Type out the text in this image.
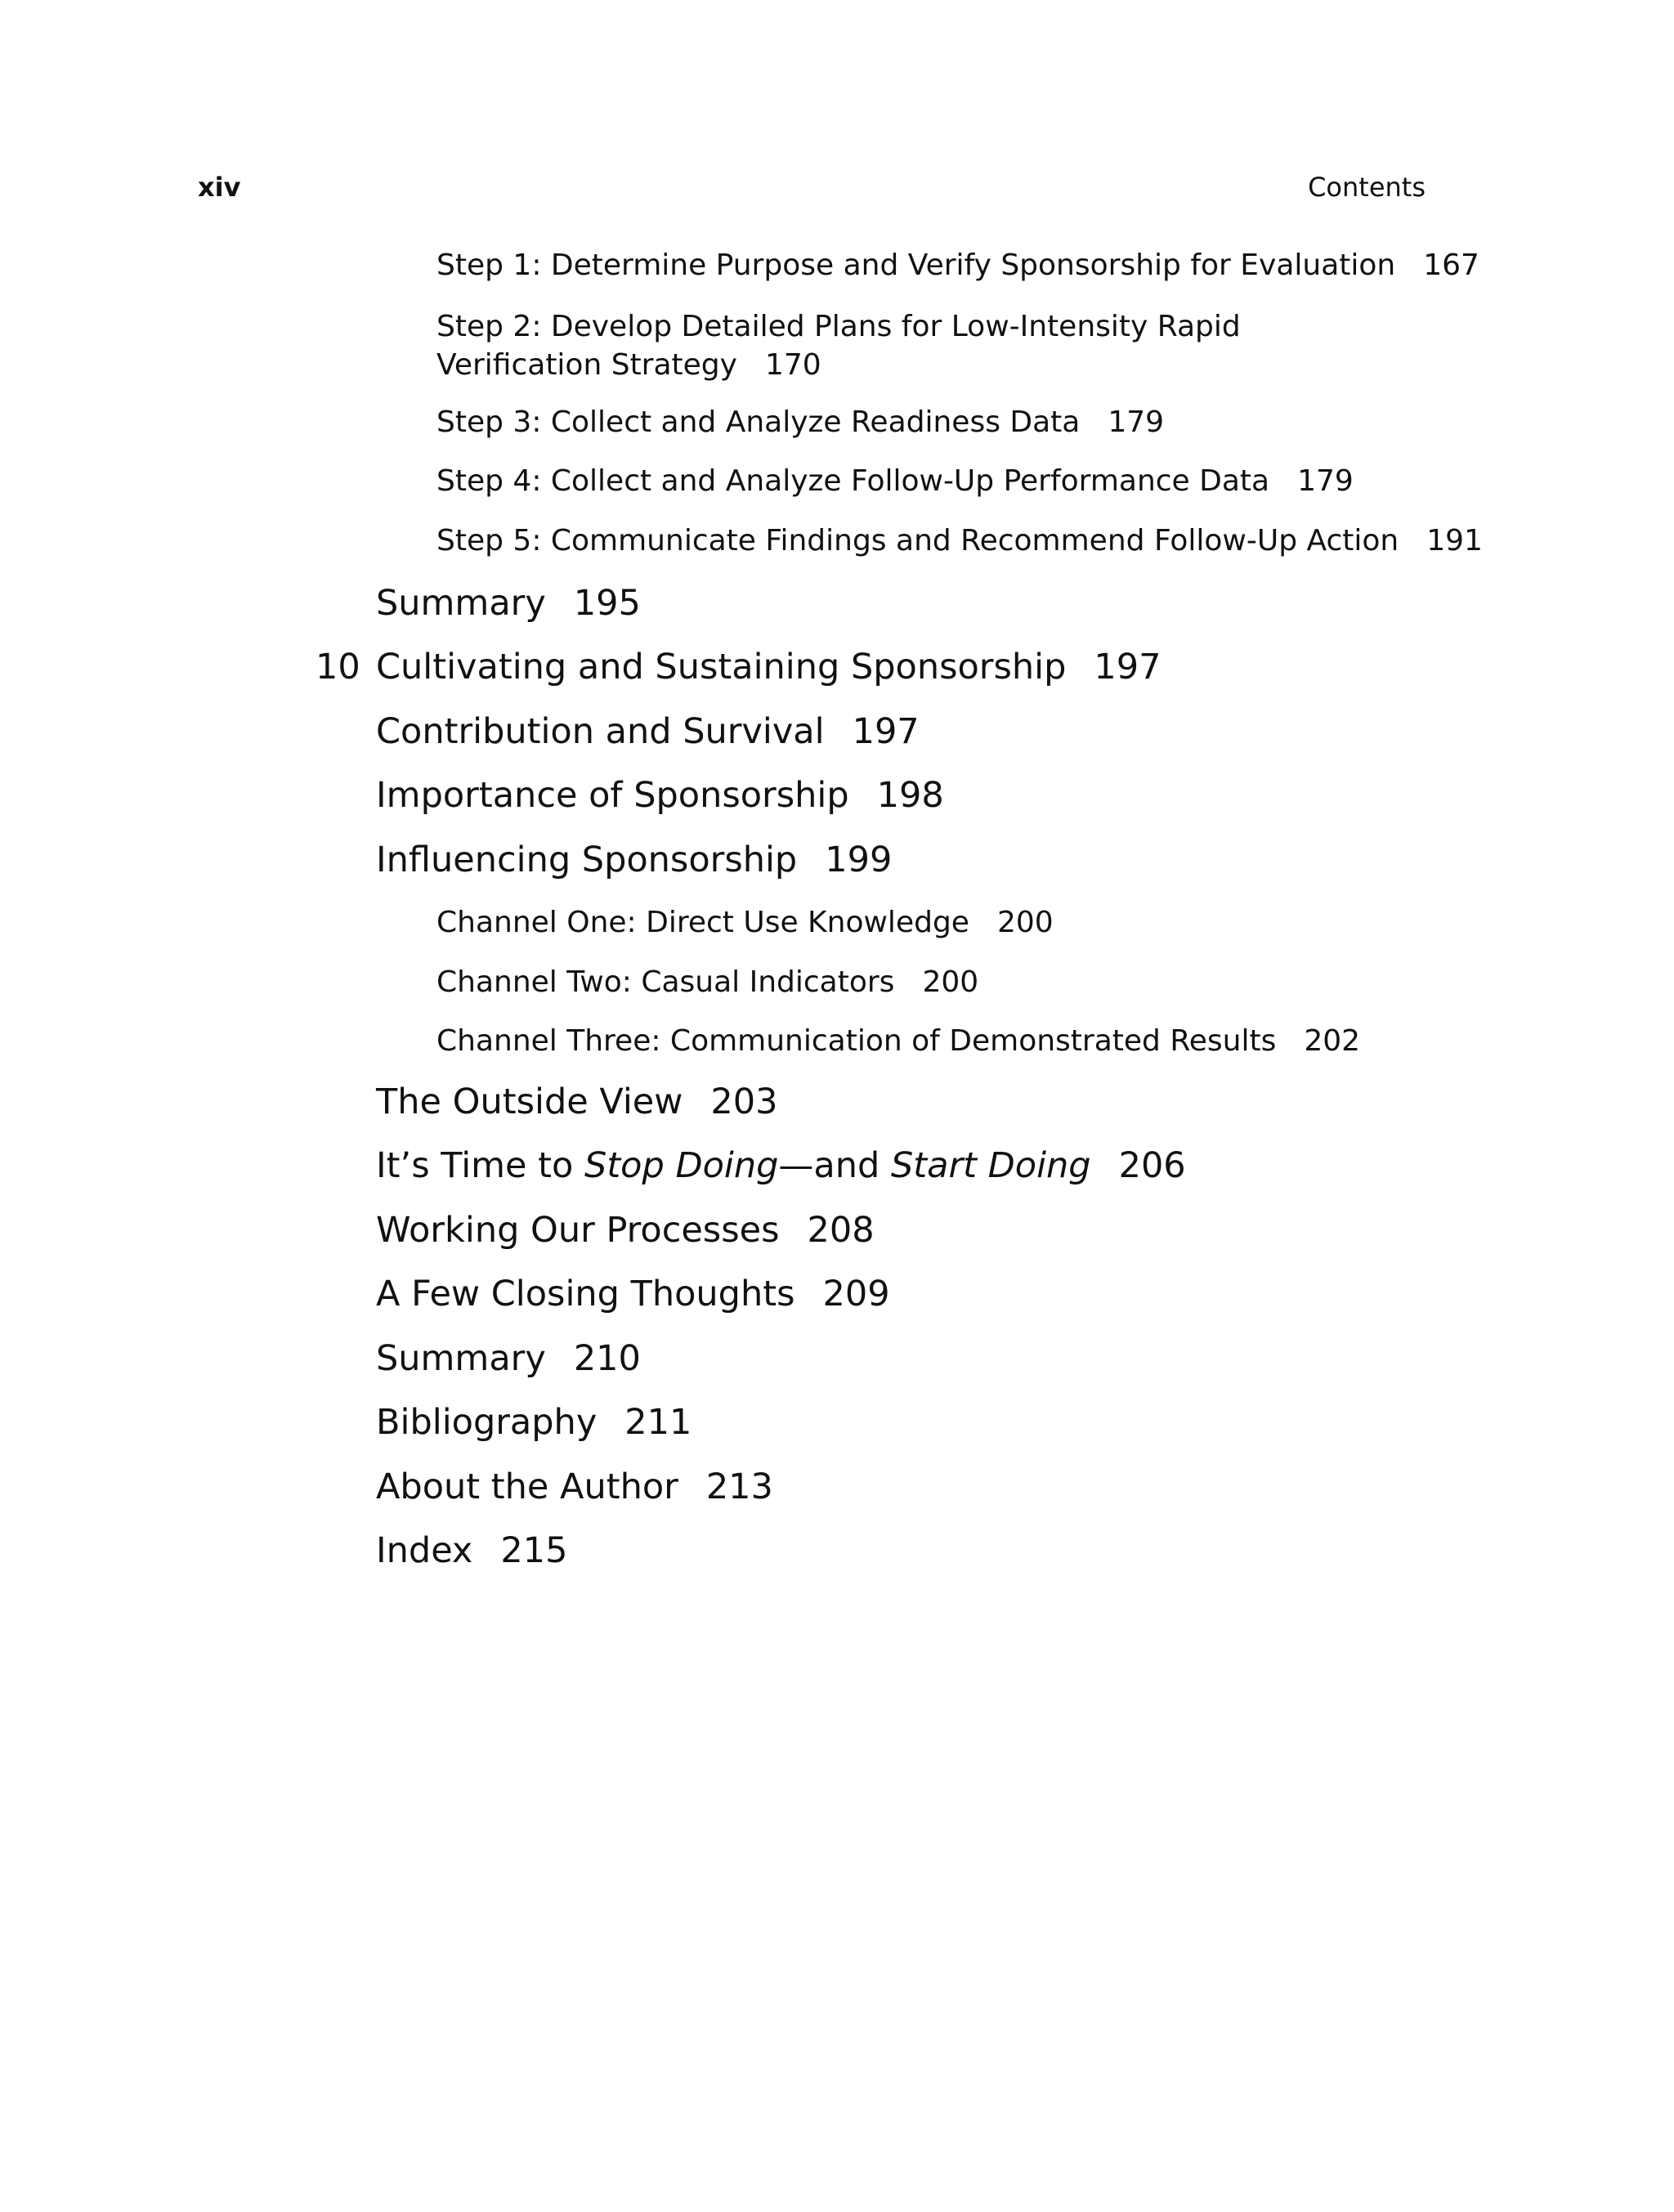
xiv	Contents
Step 1: Determine Purpose and Verify Sponsorship for Evaluation 167
Step 2: Develop Detailed Plans for Low-Intensity Rapid
Verification Strategy 170
Step 3: Collect and Analyze Readiness Data 179
Step 4: Collect and Analyze Follow-Up Performance Data 179
Step 5: Communicate Findings and Recommend Follow-Up Action 191
Summary 195
10 Cultivating and Sustaining Sponsorship 197
Contribution and Survival 197
Importance of Sponsorship 198
Influencing Sponsorship 199
Channel One: Direct Use Knowledge 200
Channel Two: Casual Indicators 200
Channel Three: Communication of Demonstrated Results 202
The Outside View 203
It’s Time to Stop Doing—and Start Doing 206
Working Our Processes 208
A Few Closing Thoughts 209
Summary 210
Bibliography 211
About the Author 213
Index 215
